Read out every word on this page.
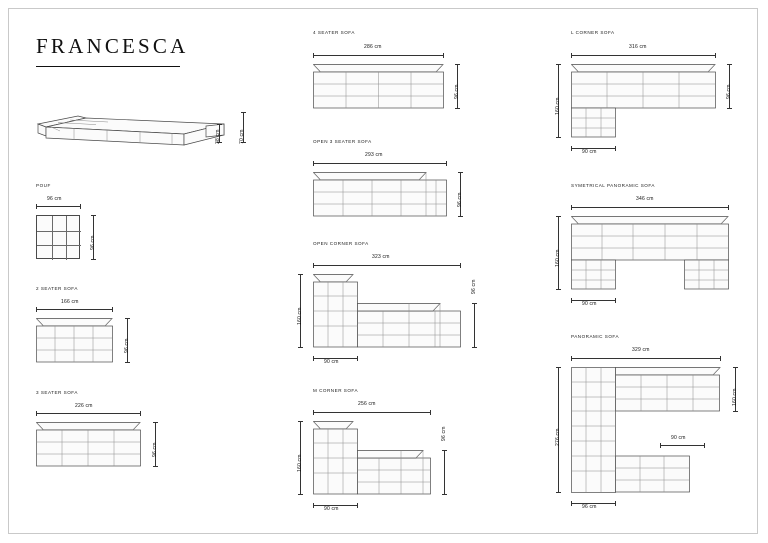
FRANCESCA
38 cm	70 cm
POUF
96 cm
96 cm
2 SEATER SOFA
166 cm
96 cm
3 SEATER SOFA
226 cm
96 cm
4 SEATER SOFA
286 cm
96 cm
OPEN 3 SEATER SOFA
293 cm
96 cm
OPEN CORNER SOFA
323 cm
160 cm
96 cm
90 cm
M CORNER SOFA
256 cm
160 cm
96 cm
90 cm
L CORNER SOFA
316 cm
160 cm
96 cm
90 cm
SYMETRICAL PANORAMIC SOFA
346 cm
160 cm
90 cm
PANORAMIC SOFA
329 cm
160 cm
276 cm	90 cm
96 cm
